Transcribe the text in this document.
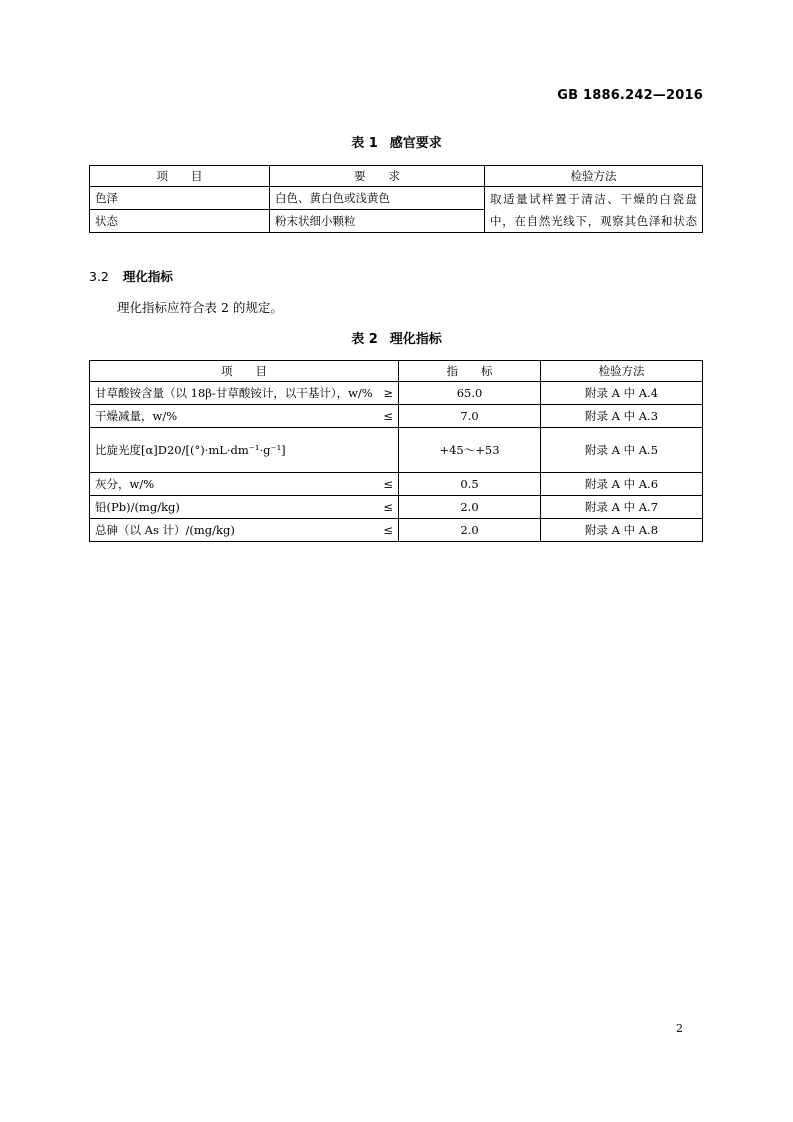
GB 1886.242—2016
表 1 感官要求
项　　目	要　　求	检验方法
色泽	白色、黄白色或浅黄色	取适量试样置于清洁、干燥的白瓷盘
中，在自然光线下，观察其色泽和状态

状态	粉末状细小颗粒	
3.2 理化指标
理化指标应符合表 2 的规定。
表 2 理化指标
项　　目	指　　标	检验方法

甘草酸铵含量（以 18β-甘草酸铵计，以干基计），w/% ≥	65.0	附录 A 中 A.4

干燥减量，w/% ≤	7.0	附录 A 中 A.3

比旋光度[α]D20/[(°)·mL·dm⁻¹·g⁻¹]	+45～+53	附录 A 中 A.5

灰分，w/% ≤	0.5	附录 A 中 A.6

铅(Pb)/(mg/kg) ≤	2.0	附录 A 中 A.7

总砷（以 As 计）/(mg/kg) ≤	2.0	附录 A 中 A.8
2
